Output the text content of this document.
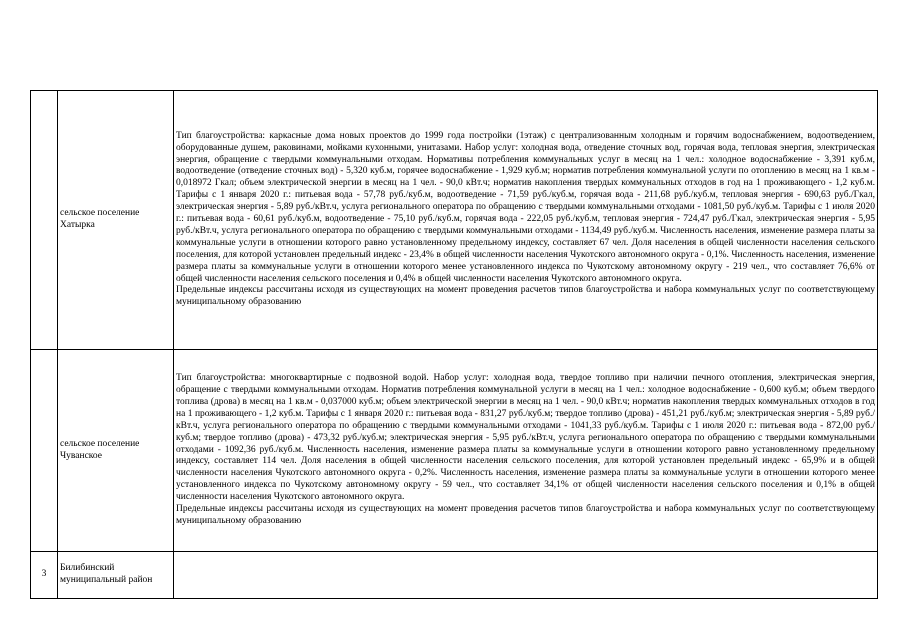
	сельское поселение Хатырка	Тип благоустройства: каркасные дома новых проектов до 1999 года постройки (1этаж) с централизованным холодным и горячим водоснабжением, водоотведением, оборудованные душем, раковинами, мойками кухонными, унитазами. Набор услуг: холодная вода, отведение сточных вод, горячая вода, тепловая энергия, электрическая энергия, обращение с твердыми коммунальными отходам. Нормативы потребления коммунальных услуг в месяц на 1 чел.: холодное водоснабжение - 3,391 куб.м, водоотведение (отведение сточных вод) - 5,320 куб.м, горячее водоснабжение - 1,929 куб.м; норматив потребления коммунальной услуги по отоплению в месяц на 1 кв.м - 0,018972 Гкал; объем электрической энергии в месяц на 1 чел. - 90,0 кВт.ч; норматив накопления твердых коммунальных отходов в год на 1 проживающего - 1,2 куб.м. Тарифы с 1 января 2020 г.: питьевая вода - 57,78 руб./куб.м, водоотведение - 71,59 руб./куб.м, горячая вода - 211,68 руб./куб.м, тепловая энергия - 690,63 руб./Гкал, электрическая энергия - 5,89 руб./кВт.ч, услуга регионального оператора по обращению с твердыми коммунальными отходами - 1081,50 руб./куб.м. Тарифы с 1 июля 2020 г.: питьевая вода - 60,61 руб./куб.м, водоотведение - 75,10 руб./куб.м, горячая вода - 222,05 руб./куб.м, тепловая энергия - 724,47 руб./Гкал, электрическая энергия - 5,95 руб./кВт.ч, услуга регионального оператора по обращению с твердыми коммунальными отходами - 1134,49 руб./куб.м. Численность населения, изменение размера платы за коммунальные услуги в отношении которого равно установленному предельному индексу, составляет 67 чел. Доля населения в общей численности населения сельского поселения, для которой установлен предельный индекс - 23,4% в общей численности населения Чукотского автономного округа - 0,1%. Численность населения, изменение размера платы за коммунальные услуги в отношении которого менее установленного индекса по Чукотскому автономному округу - 219 чел., что составляет 76,6% от общей численности населения сельского поселения и 0,4% в общей численности населения Чукотского автономного округа.

Предельные индексы рассчитаны исходя из существующих на момент проведения расчетов типов благоустройства и набора коммунальных услуг по соответствующему муниципальному образованию

	сельское поселение Чуванское	Тип благоустройства: многоквартирные с подвозной водой. Набор услуг: холодная вода, твердое топливо при наличии печного отопления, электрическая энергия, обращение с твердыми коммунальными отходам. Норматив потребления коммунальной услуги в месяц на 1 чел.: холодное водоснабжение - 0,600 куб.м; объем твердого топлива (дрова) в месяц на 1 кв.м - 0,037000 куб.м; объем электрической энергии в месяц на 1 чел. - 90,0 кВт.ч; норматив накопления твердых коммунальных отходов в год на 1 проживающего - 1,2 куб.м. Тарифы с 1 января 2020 г.: питьевая вода - 831,27 руб./куб.м; твердое топливо (дрова) - 451,21 руб./куб.м; электрическая энергия - 5,89 руб./кВт.ч, услуга регионального оператора по обращению с твердыми коммунальными отходами - 1041,33 руб./куб.м. Тарифы с 1 июля 2020 г.: питьевая вода - 872,00 руб./куб.м; твердое топливо (дрова) - 473,32 руб./куб.м; электрическая энергия - 5,95 руб./кВт.ч, услуга регионального оператора по обращению с твердыми коммунальными отходами - 1092,36 руб./куб.м. Численность населения, изменение размера платы за коммунальные услуги в отношении которого равно установленному предельному индексу, составляет 114 чел. Доля населения в общей численности населения сельского поселения, для которой установлен предельный индекс - 65,9% и в общей численности населения Чукотского автономного округа - 0,2%. Численность населения, изменение размера платы за коммунальные услуги в отношении которого менее установленного индекса по Чукотскому автономному округу - 59 чел., что составляет 34,1% от общей численности населения сельского поселения и 0,1% в общей численности населения Чукотского автономного округа.

Предельные индексы рассчитаны исходя из существующих на момент проведения расчетов типов благоустройства и набора коммунальных услуг по соответствующему муниципальному образованию

3	Билибинский муниципальный район	
